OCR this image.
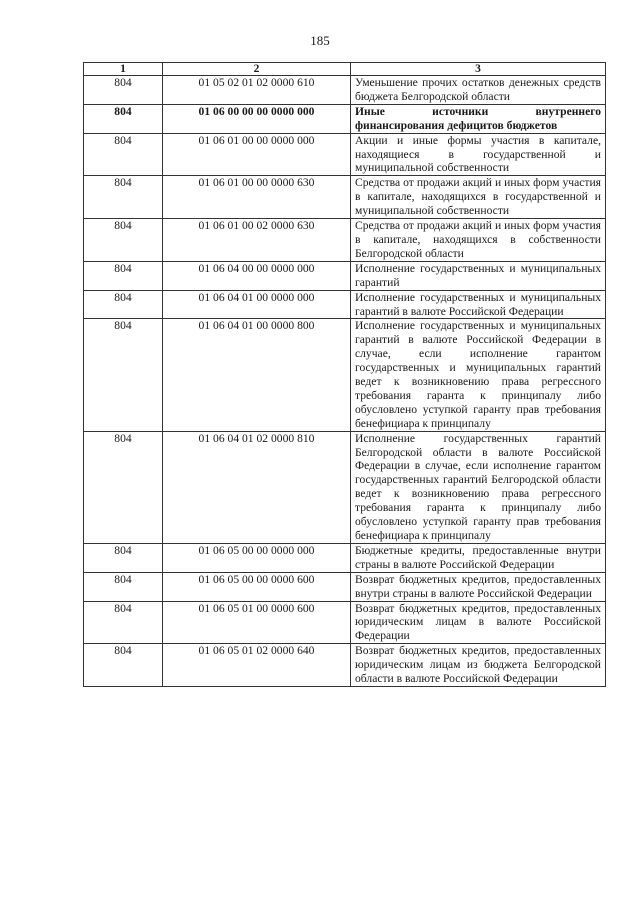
185
1	2	3
804	01 05 02 01 02 0000 610	Уменьшение прочих остатков денежных средств бюджета Белгородской области
804	01 06 00 00 00 0000 000	Иные источники внутреннего финансирования дефицитов бюджетов
804	01 06 01 00 00 0000 000	Акции и иные формы участия в капитале, находящиеся в государственной и муниципальной собственности
804	01 06 01 00 00 0000 630	Средства от продажи акций и иных форм участия в капитале, находящихся в государственной и муниципальной собственности
804	01 06 01 00 02 0000 630	Средства от продажи акций и иных форм участия в капитале, находящихся в собственности Белгородской области
804	01 06 04 00 00 0000 000	Исполнение государственных и муниципальных гарантий
804	01 06 04 01 00 0000 000	Исполнение государственных и муниципальных гарантий в валюте Российской Федерации
804	01 06 04 01 00 0000 800	Исполнение государственных и муниципальных гарантий в валюте Российской Федерации в случае, если исполнение гарантом государственных и муниципальных гарантий ведет к возникновению права регрессного требования гаранта к принципалу либо обусловлено уступкой гаранту прав требования бенефициара к принципалу
804	01 06 04 01 02 0000 810	Исполнение государственных гарантий Белгородской области в валюте Российской Федерации в случае, если исполнение гарантом государственных гарантий Белгородской области ведет к возникновению права регрессного требования гаранта к принципалу либо обусловлено уступкой гаранту прав требования бенефициара к принципалу
804	01 06 05 00 00 0000 000	Бюджетные кредиты, предоставленные внутри страны в валюте Российской Федерации
804	01 06 05 00 00 0000 600	Возврат бюджетных кредитов, предоставленных внутри страны в валюте Российской Федерации
804	01 06 05 01 00 0000 600	Возврат бюджетных кредитов, предоставленных юридическим лицам в валюте Российской Федерации
804	01 06 05 01 02 0000 640	Возврат бюджетных кредитов, предоставленных юридическим лицам из бюджета Белгородской области в валюте Российской Федерации
